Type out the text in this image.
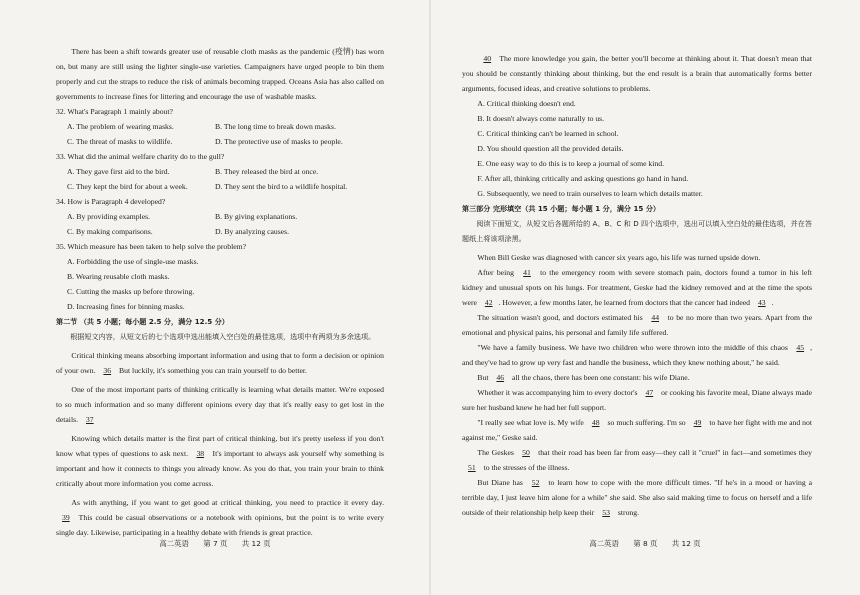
There has been a shift towards greater use of reusable cloth masks as the pandemic (疫情) has worn on, but many are still using the lighter single-use varieties. Campaigners have urged people to bin them properly and cut the straps to reduce the risk of animals becoming trapped. Oceans Asia has also called on governments to increase fines for littering and encourage the use of washable masks.

32. What's Paragraph 1 mainly about?

A. The problem of wearing masks.	B. The long time to break down masks.
C. The threat of masks to wildlife.	D. The protective use of masks to people.

33. What did the animal welfare charity do to the gull?

A. They gave first aid to the bird.	B. They released the bird at once.
C. They kept the bird for about a week.	D. They sent the bird to a wildlife hospital.

34. How is Paragraph 4 developed?

A. By providing examples.	B. By giving explanations.
C. By making comparisons.	D. By analyzing causes.

35. Which measure has been taken to help solve the problem?

A. Forbidding the use of single-use masks.
B. Wearing reusable cloth masks.
C. Cutting the masks up before throwing.
D. Increasing fines for binning masks.

第二节 （共 5 小题；每小题 2.5 分，满分 12.5 分）

根据短文内容，从短文后的七个选项中选出能填入空白处的最佳选项，选项中有两项为多余选项。

Critical thinking means absorbing important information and using that to form a decision or opinion of your own. 36 But luckily, it's something you can train yourself to do better.

One of the most important parts of thinking critically is learning what details matter. We're exposed to so much information and so many different opinions every day that it's really easy to get lost in the details. 37

Knowing which details matter is the first part of critical thinking, but it's pretty useless if you don't know what types of questions to ask next. 38 It's important to always ask yourself why something is important and how it connects to things you already know. As you do that, you train your brain to think critically about more information you come across.

As with anything, if you want to get good at critical thinking, you need to practice it every day. 39 This could be casual observations or a notebook with opinions, but the point is to write every single day. Likewise, participating in a healthy debate with friends is great practice.

高二英语 第 7 页 共 12 页

40 The more knowledge you gain, the better you'll become at thinking about it. That doesn't mean that you should be constantly thinking about thinking, but the end result is a brain that automatically forms better arguments, focused ideas, and creative solutions to problems.

A. Critical thinking doesn't end.

B. It doesn't always come naturally to us.

C. Critical thinking can't be learned in school.

D. You should question all the provided details.

E. One easy way to do this is to keep a journal of some kind.

F. After all, thinking critically and asking questions go hand in hand.

G. Subsequently, we need to train ourselves to learn which details matter.

第三部分 完形填空（共 15 小题；每小题 1 分，满分 15 分）

阅读下面短文，从短文后各题所给的 A、B、C 和 D 四个选项中，选出可以填入空白处的最佳选项，并在答题纸上将该项涂黑。

When Bill Geske was diagnosed with cancer six years ago, his life was turned upside down.

After being 41 to the emergency room with severe stomach pain, doctors found a tumor in his left kidney and unusual spots on his lungs. For treatment, Geske had the kidney removed and at the time the spots were 42 . However, a few months later, he learned from doctors that the cancer had indeed 43 .

The situation wasn't good, and doctors estimated his 44 to be no more than two years. Apart from the emotional and physical pains, his personal and family life suffered.

"We have a family business. We have two children who were thrown into the middle of this chaos 45 , and they've had to grow up very fast and handle the business, which they knew nothing about," he said.

But 46 all the chaos, there has been one constant: his wife Diane.

Whether it was accompanying him to every doctor's 47 or cooking his favorite meal, Diane always made sure her husband knew he had her full support.

"I really see what love is. My wife 48 so much suffering. I'm so 49 to have her fight with me and not against me," Geske said.

The Geskes 50 that their road has been far from easy—they call it "cruel" in fact—and sometimes they 51 to the stresses of the illness.

But Diane has 52 to learn how to cope with the more difficult times. "If he's in a mood or having a terrible day, I just leave him alone for a while" she said. She also said making time to focus on herself and a life outside of their relationship help keep their 53 strong.

高二英语 第 8 页 共 12 页
